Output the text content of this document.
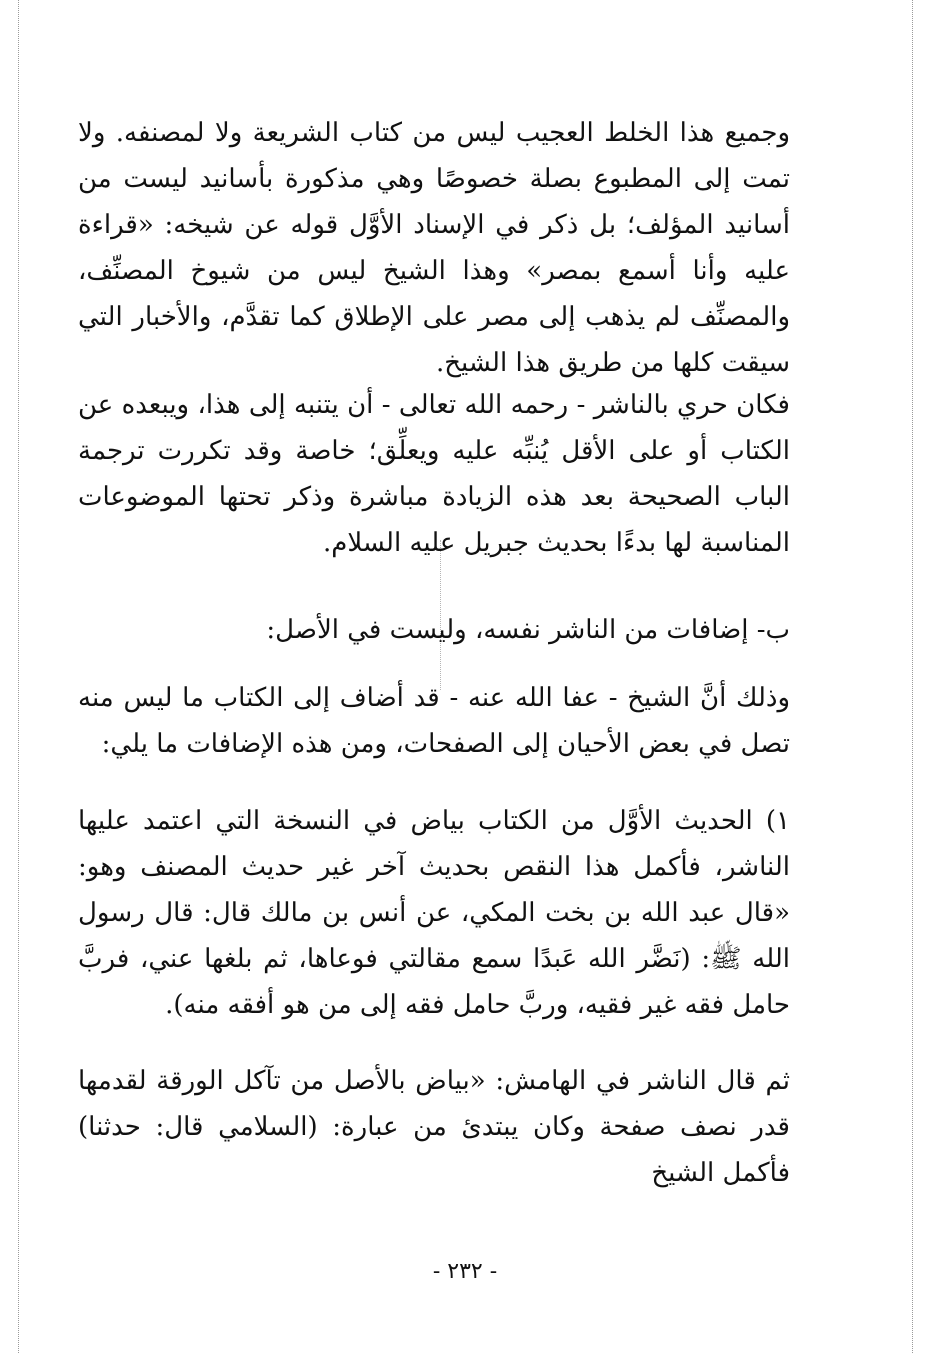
وجميع هذا الخلط العجيب ليس من كتاب الشريعة ولا لمصنفه. ولا تمت إلى المطبوع بصلة خصوصًا وهي مذكورة بأسانيد ليست من أسانيد المؤلف؛ بل ذكر في الإسناد الأوَّل قوله عن شيخه: «قراءة عليه وأنا أسمع بمصر» وهذا الشيخ ليس من شيوخ المصنِّف، والمصنِّف لم يذهب إلى مصر على الإطلاق كما تقدَّم، والأخبار التي سيقت كلها من طريق هذا الشيخ.

فكان حري بالناشر - رحمه الله تعالى - أن يتنبه إلى هذا، ويبعده عن الكتاب أو على الأقل يُنبِّه عليه ويعلِّق؛ خاصة وقد تكررت ترجمة الباب الصحيحة بعد هذه الزيادة مباشرة وذكر تحتها الموضوعات المناسبة لها بدءًا بحديث جبريل عليه السلام.

ب- إضافات من الناشر نفسه، وليست في الأصل:

وذلك أنَّ الشيخ - عفا الله عنه - قد أضاف إلى الكتاب ما ليس منه تصل في بعض الأحيان إلى الصفحات، ومن هذه الإضافات ما يلي:

١) الحديث الأوَّل من الكتاب بياض في النسخة التي اعتمد عليها الناشر، فأكمل هذا النقص بحديث آخر غير حديث المصنف وهو: «قال عبد الله بن بخت المكي، عن أنس بن مالك قال: قال رسول الله ﷺ: (نَضَّر الله عَبدًا سمع مقالتي فوعاها، ثم بلغها عني، فربَّ حامل فقه غير فقيه، وربَّ حامل فقه إلى من هو أفقه منه).

ثم قال الناشر في الهامش: «بياض بالأصل من تآكل الورقة لقدمها قدر نصف صفحة وكان يبتدئ من عبارة: (السلامي قال: حدثنا) فأكمل الشيخ

- ٢٣٢ -
